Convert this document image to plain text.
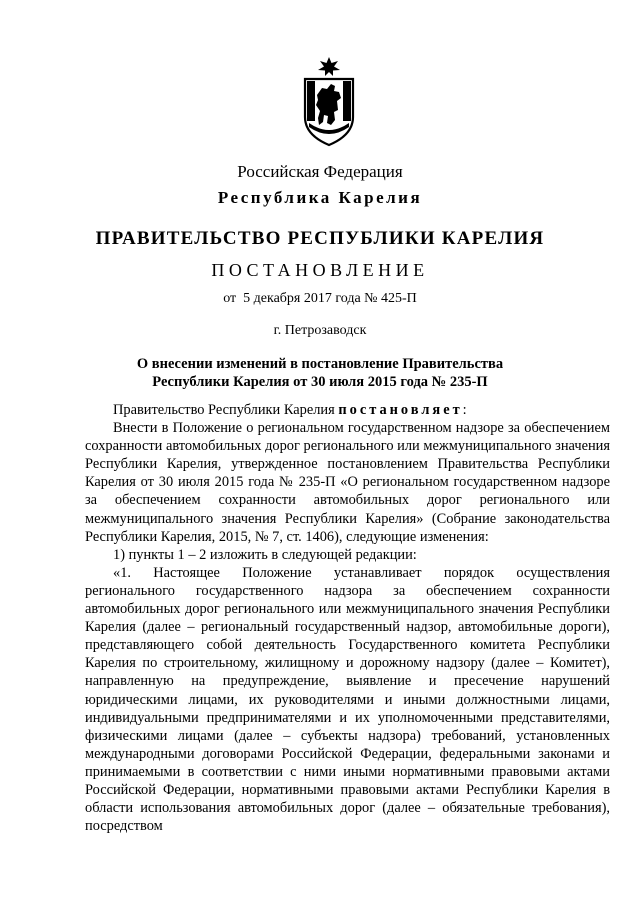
Российская Федерация
Республика Карелия
ПРАВИТЕЛЬСТВО РЕСПУБЛИКИ КАРЕЛИЯ
ПОСТАНОВЛЕНИЕ
от  5 декабря 2017 года № 425-П
г. Петрозаводск
О внесении изменений в постановление Правительства
Республики Карелия от 30 июля 2015 года № 235-П

Правительство Республики Карелия постановляет:

Внести в Положение о региональном государственном надзоре за обеспечением сохранности автомобильных дорог регионального или межмуниципального значения Республики Карелия, утвержденное постановлением Правительства Республики Карелия от 30 июля 2015 года № 235-П «О региональном государственном надзоре за обеспечением сохранности автомобильных дорог регионального или межмуниципального значения Республики Карелия» (Собрание законодательства Республики Карелия, 2015, № 7, ст. 1406), следующие изменения:

1) пункты 1 – 2 изложить в следующей редакции:

«1. Настоящее Положение устанавливает порядок осуществления регионального государственного надзора за обеспечением сохранности автомобильных дорог регионального или межмуниципального значения Республики Карелия (далее – региональный государственный надзор, автомобильные дороги), представляющего собой деятельность Государственного комитета Республики Карелия по строительному, жилищному и дорожному надзору (далее – Комитет), направленную на предупреждение, выявление и пресечение нарушений юридическими лицами, их руководителями и иными должностными лицами, индивидуальными предпринимателями и их уполномоченными представителями, физическими лицами (далее – субъекты надзора) требований, установленных международными договорами Российской Федерации, федеральными законами и принимаемыми в соответствии с ними иными нормативными правовыми актами Российской Федерации, нормативными правовыми актами Республики Карелия в области использования автомобильных дорог (далее – обязательные требования), посредством
